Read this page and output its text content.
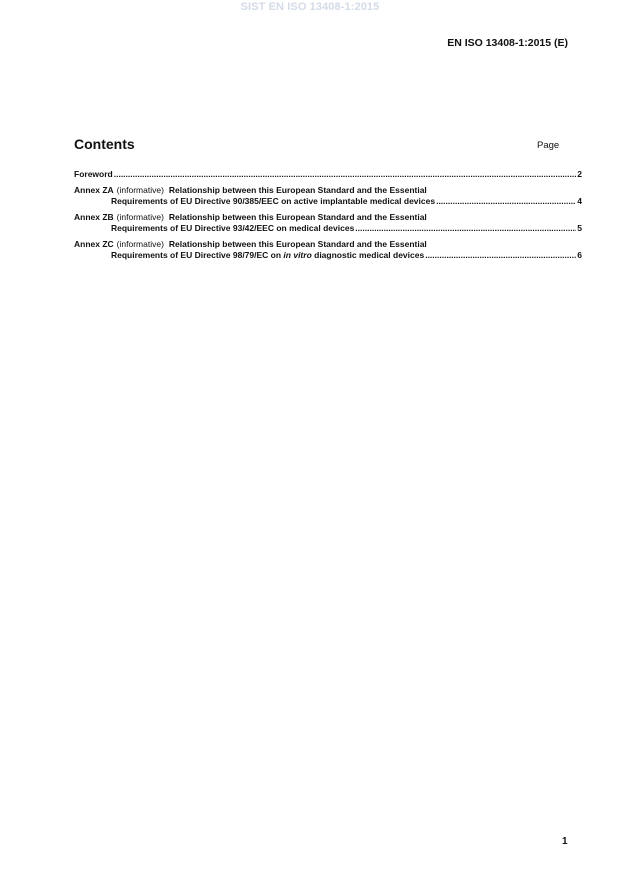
SIST EN ISO 13408-1:2015
EN ISO 13408-1:2015 (E)
Contents	Page
Foreword .....	2
Annex ZA (informative) Relationship between this European Standard and the Essential
Requirements of EU Directive 90/385/EEC on active implantable medical devices .....	4
Annex ZB (informative) Relationship between this European Standard and the Essential
Requirements of EU Directive 93/42/EEC on medical devices .....	5
Annex ZC (informative) Relationship between this European Standard and the Essential
Requirements of EU Directive 98/79/EC on in vitro diagnostic medical devices .....	6
1
